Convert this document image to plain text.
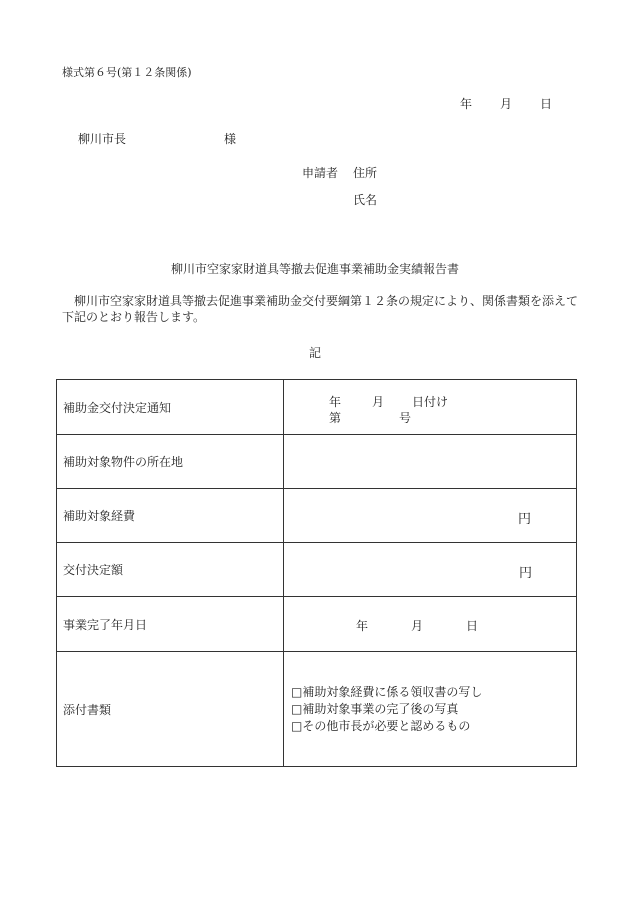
様式第６号(第１２条関係)
年 月 日
柳川市長	様
申請者 住所
氏名
柳川市空家家財道具等撤去促進事業補助金実績報告書
柳川市空家家財道具等撤去促進事業補助金交付要綱第１２条の規定により、関係書類を添えて下記のとおり報告します。
記
補助金交付決定通知	年 月 日付け
第 号

補助対象物件の所在地	
補助対象経費	円

交付決定額	円

事業完了年月日	年 月 日

添付書類	□補助対象経費に係る領収書の写し
□補助対象事業の完了後の写真
□その他市長が必要と認めるもの
